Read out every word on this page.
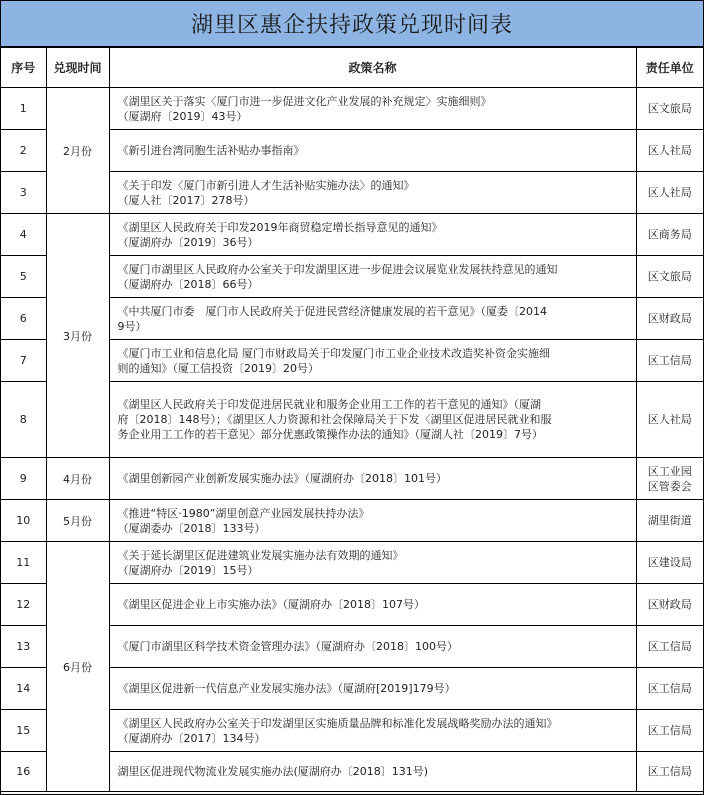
湖里区惠企扶持政策兑现时间表
序号	兑现时间	政策名称	责任单位
1	2月份	《湖里区关于落实〈厦门市进一步促进文化产业发展的补充规定〉实施细则》
（厦湖府〔2019〕43号）	区文旅局

2		《新引进台湾同胞生活补贴办事指南》	区人社局

3		《关于印发〈厦门市新引进人才生活补贴实施办法〉的通知》
（厦人社〔2017〕278号）	区人社局

4	3月份	《湖里区人民政府关于印发2019年商贸稳定增长指导意见的通知》
（厦湖府办〔2019〕36号）	区商务局

5		《厦门市湖里区人民政府办公室关于印发湖里区进一步促进会议展览业发展扶持意见的通知
（厦湖府办〔2018〕66号）	区文旅局

6		《中共厦门市委　厦门市人民政府关于促进民营经济健康发展的若干意见》（厦委〔2014
9号）	区财政局

7		《厦门市工业和信息化局 厦门市财政局关于印发厦门市工业企业技术改造奖补资金实施细
则的通知》（厦工信投资〔2019〕20号）	区工信局

8		《湖里区人民政府关于印发促进居民就业和服务企业用工工作的若干意见的通知》（厦湖
府〔2018〕148号）；《湖里区人力资源和社会保障局关于下发〈湖里区促进居民就业和服
务企业用工工作的若干意见〉部分优惠政策操作办法的通知》（厦湖人社〔2019〕7号）	区人社局

9	4月份	《湖里创新园产业创新发展实施办法》（厦湖府办〔2018〕101号）	区工业园
区管委会

10	5月份	《推进“特区·1980”湖里创意产业园发展扶持办法》
（厦湖委办〔2018〕133号）	湖里街道

11	6月份	《关于延长湖里区促进建筑业发展实施办法有效期的通知》
（厦湖府办〔2019〕15号）	区建设局

12		《湖里区促进企业上市实施办法》（厦湖府办〔2018〕107号）	区财政局

13		《厦门市湖里区科学技术资金管理办法》（厦湖府办〔2018〕100号）	区工信局

14		《湖里区促进新一代信息产业发展实施办法》（厦湖府[2019]179号）	区工信局

15		《湖里区人民政府办公室关于印发湖里区实施质量品牌和标准化发展战略奖励办法的通知》
（厦湖府办〔2017〕134号）	区工信局

16		湖里区促进现代物流业发展实施办法(厦湖府办〔2018〕131号)	区工信局
